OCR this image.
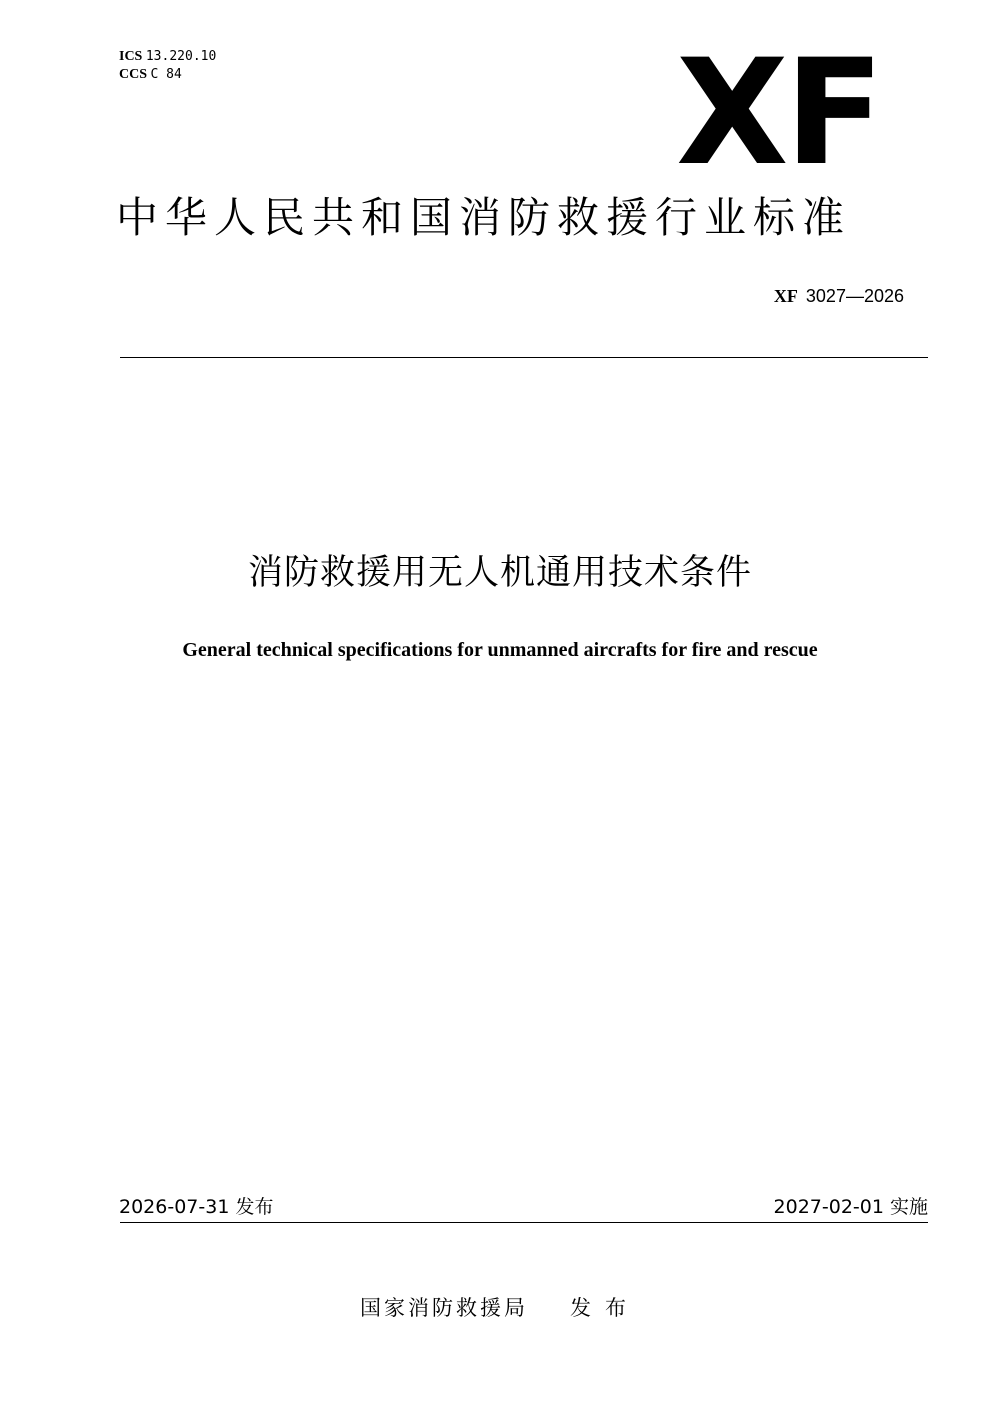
ICS 13.220.10
CCS C 84	XF
中华人民共和国消防救援行业标准
XF 3027—2026
消防救援用无人机通用技术条件
General technical specifications for unmanned aircrafts for fire and rescue
2026-07-31 发布	2027-02-01 实施
国家消防救援局 发布
